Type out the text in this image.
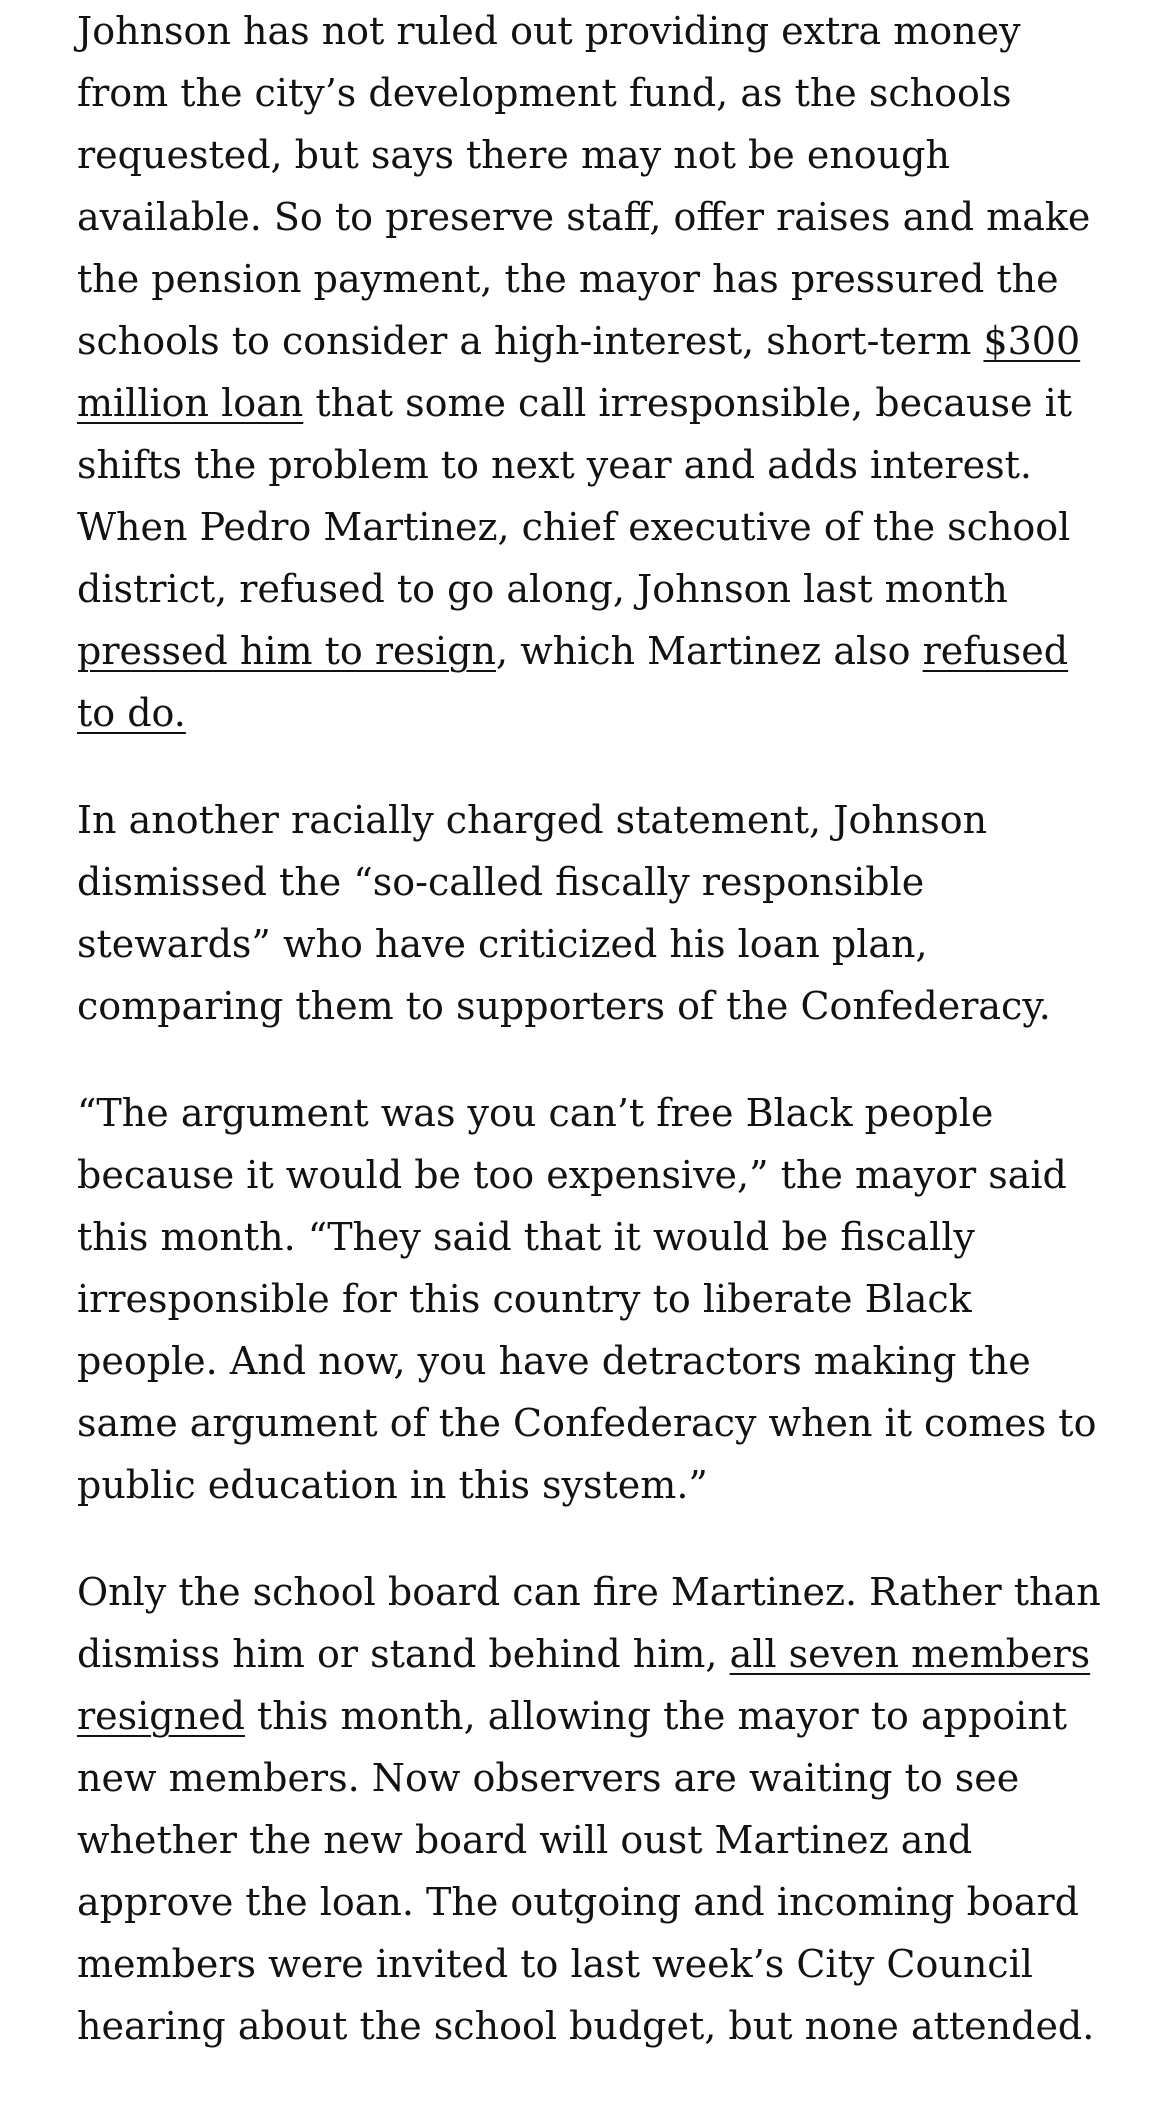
Johnson has not ruled out providing extra money from the city’s development fund, as the schools requested, but says there may not be enough available. So to preserve staff, offer raises and make the pension payment, the mayor has pressured the schools to consider a high-interest, short-term $300 million loan that some call irresponsible, because it shifts the problem to next year and adds interest. When Pedro Martinez, chief executive of the school district, refused to go along, Johnson last month pressed him to resign, which Martinez also refused to do.

In another racially charged statement, Johnson dismissed the “so-called fiscally responsible stewards” who have criticized his loan plan, comparing them to supporters of the Confederacy.

“The argument was you can’t free Black people because it would be too expensive,” the mayor said this month. “They said that it would be fiscally irresponsible for this country to liberate Black people. And now, you have detractors making the same argument of the Confederacy when it comes to public education in this system.”

Only the school board can fire Martinez. Rather than dismiss him or stand behind him, all seven members resigned this month, allowing the mayor to appoint new members. Now observers are waiting to see whether the new board will oust Martinez and approve the loan. The outgoing and incoming board members were invited to last week’s City Council hearing about the school budget, but none attended.
